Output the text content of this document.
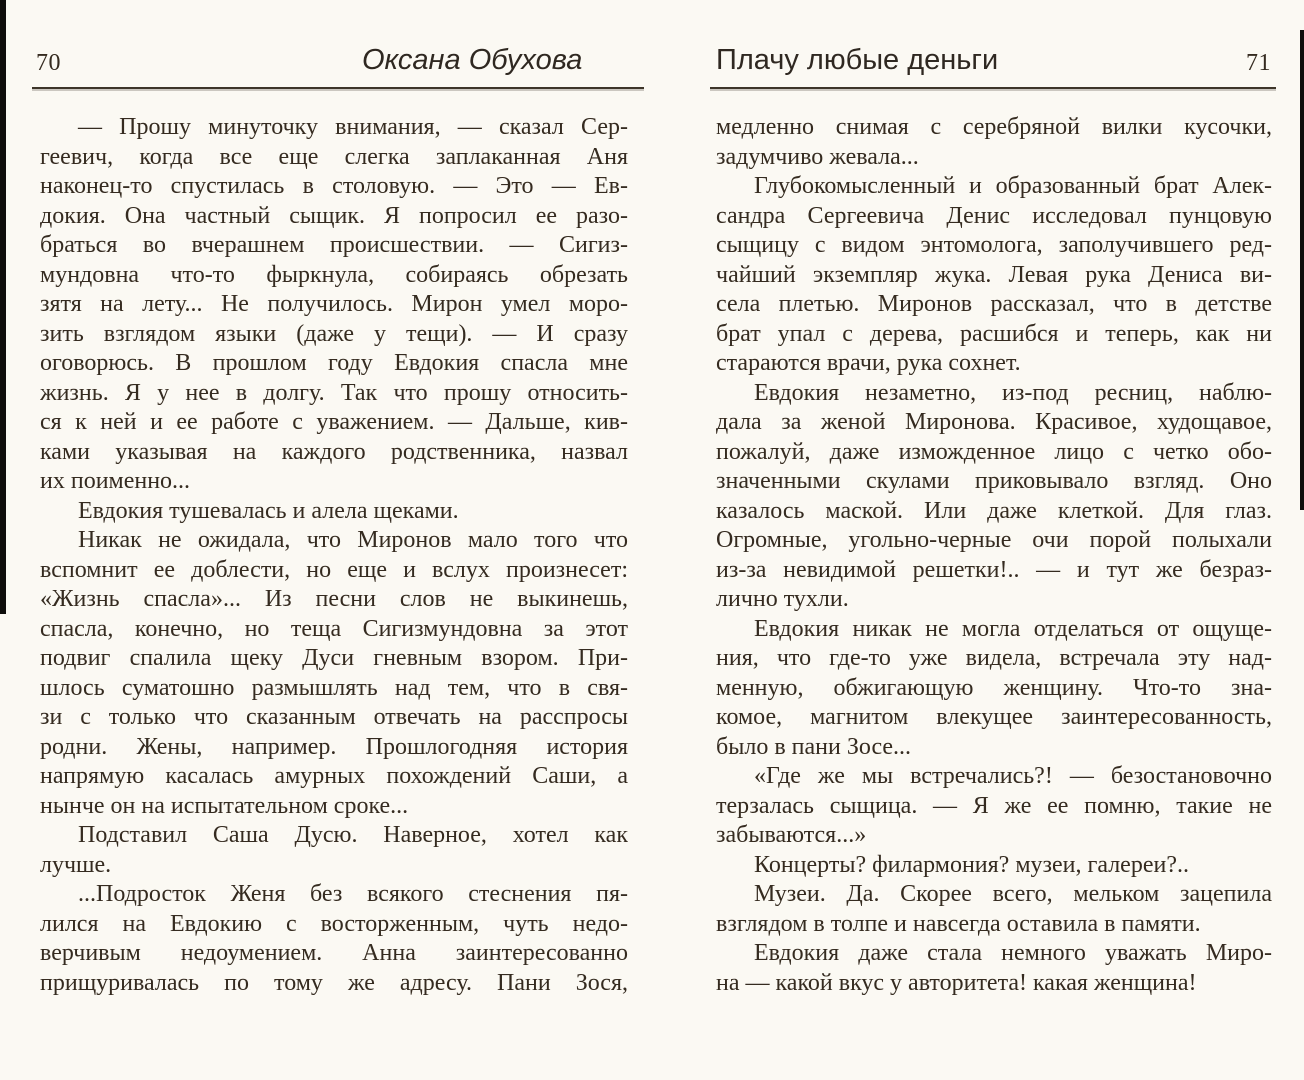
70	Оксана Обухова
— Прошу минуточку внимания, — сказал Сер-
геевич, когда все еще слегка заплаканная Аня
наконец-то спустилась в столовую. — Это — Ев-
докия. Она частный сыщик. Я попросил ее разо-
браться во вчерашнем происшествии. — Сигиз-
мундовна что-то фыркнула, собираясь обрезать
зятя на лету... Не получилось. Мирон умел моро-
зить взглядом языки (даже у тещи). — И сразу
оговорюсь. В прошлом году Евдокия спасла мне
жизнь. Я у нее в долгу. Так что прошу относить-
ся к ней и ее работе с уважением. — Дальше, кив-
ками указывая на каждого родственника, назвал
их поименно...
Евдокия тушевалась и алела щеками.
Никак не ожидала, что Миронов мало того что
вспомнит ее доблести, но еще и вслух произнесет:
«Жизнь спасла»... Из песни слов не выкинешь,
спасла, конечно, но теща Сигизмундовна за этот
подвиг спалила щеку Дуси гневным взором. При-
шлось суматошно размышлять над тем, что в свя-
зи с только что сказанным отвечать на расспросы
родни. Жены, например. Прошлогодняя история
напрямую касалась амурных похождений Саши, а
нынче он на испытательном сроке...
Подставил Саша Дусю. Наверное, хотел как
лучше.
...Подросток Женя без всякого стеснения пя-
лился на Евдокию с восторженным, чуть недо-
верчивым недоумением. Анна заинтересованно
прищуривалась по тому же адресу. Пани Зося,
Плачу любые деньги	71
медленно снимая с серебряной вилки кусочки,
задумчиво жевала...
Глубокомысленный и образованный брат Алек-
сандра Сергеевича Денис исследовал пунцовую
сыщицу с видом энтомолога, заполучившего ред-
чайший экземпляр жука. Левая рука Дениса ви-
села плетью. Миронов рассказал, что в детстве
брат упал с дерева, расшибся и теперь, как ни
стараются врачи, рука сохнет.
Евдокия незаметно, из-под ресниц, наблю-
дала за женой Миронова. Красивое, худощавое,
пожалуй, даже изможденное лицо с четко обо-
значенными скулами приковывало взгляд. Оно
казалось маской. Или даже клеткой. Для глаз.
Огромные, угольно-черные очи порой полыхали
из-за невидимой решетки!.. — и тут же безраз-
лично тухли.
Евдокия никак не могла отделаться от ощуще-
ния, что где-то уже видела, встречала эту над-
менную, обжигающую женщину. Что-то зна-
комое, магнитом влекущее заинтересованность,
было в пани Зосе...
«Где же мы встречались?! — безостановочно
терзалась сыщица. — Я же ее помню, такие не
забываются...»
Концерты? филармония? музеи, галереи?..
Музеи. Да. Скорее всего, мельком зацепила
взглядом в толпе и навсегда оставила в памяти.
Евдокия даже стала немного уважать Миро-
на — какой вкус у авторитета! какая женщина!
